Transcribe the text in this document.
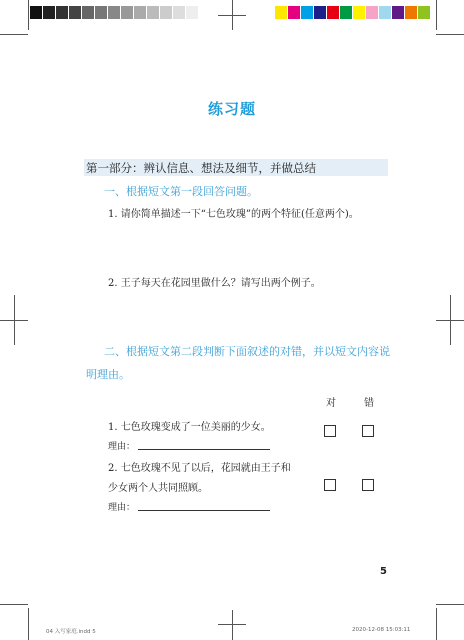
练习题
第一部分：辨认信息、想法及细节，并做总结
一、根据短文第一段回答问题。
1. 请你简单描述一下“七色玫瑰”的两个特征(任意两个)。
2. 王子每天在花园里做什么？请写出两个例子。
二、根据短文第二段判断下面叙述的对错，并以短文内容说
明理由。
对	错
1. 七色玫瑰变成了一位美丽的少女。
理由：
2. 七色玫瑰不见了以后，花园就由王子和
少女两个人共同照顾。
理由：
5
04 入写家庭.indd 5	2020-12-08 15:03:11
